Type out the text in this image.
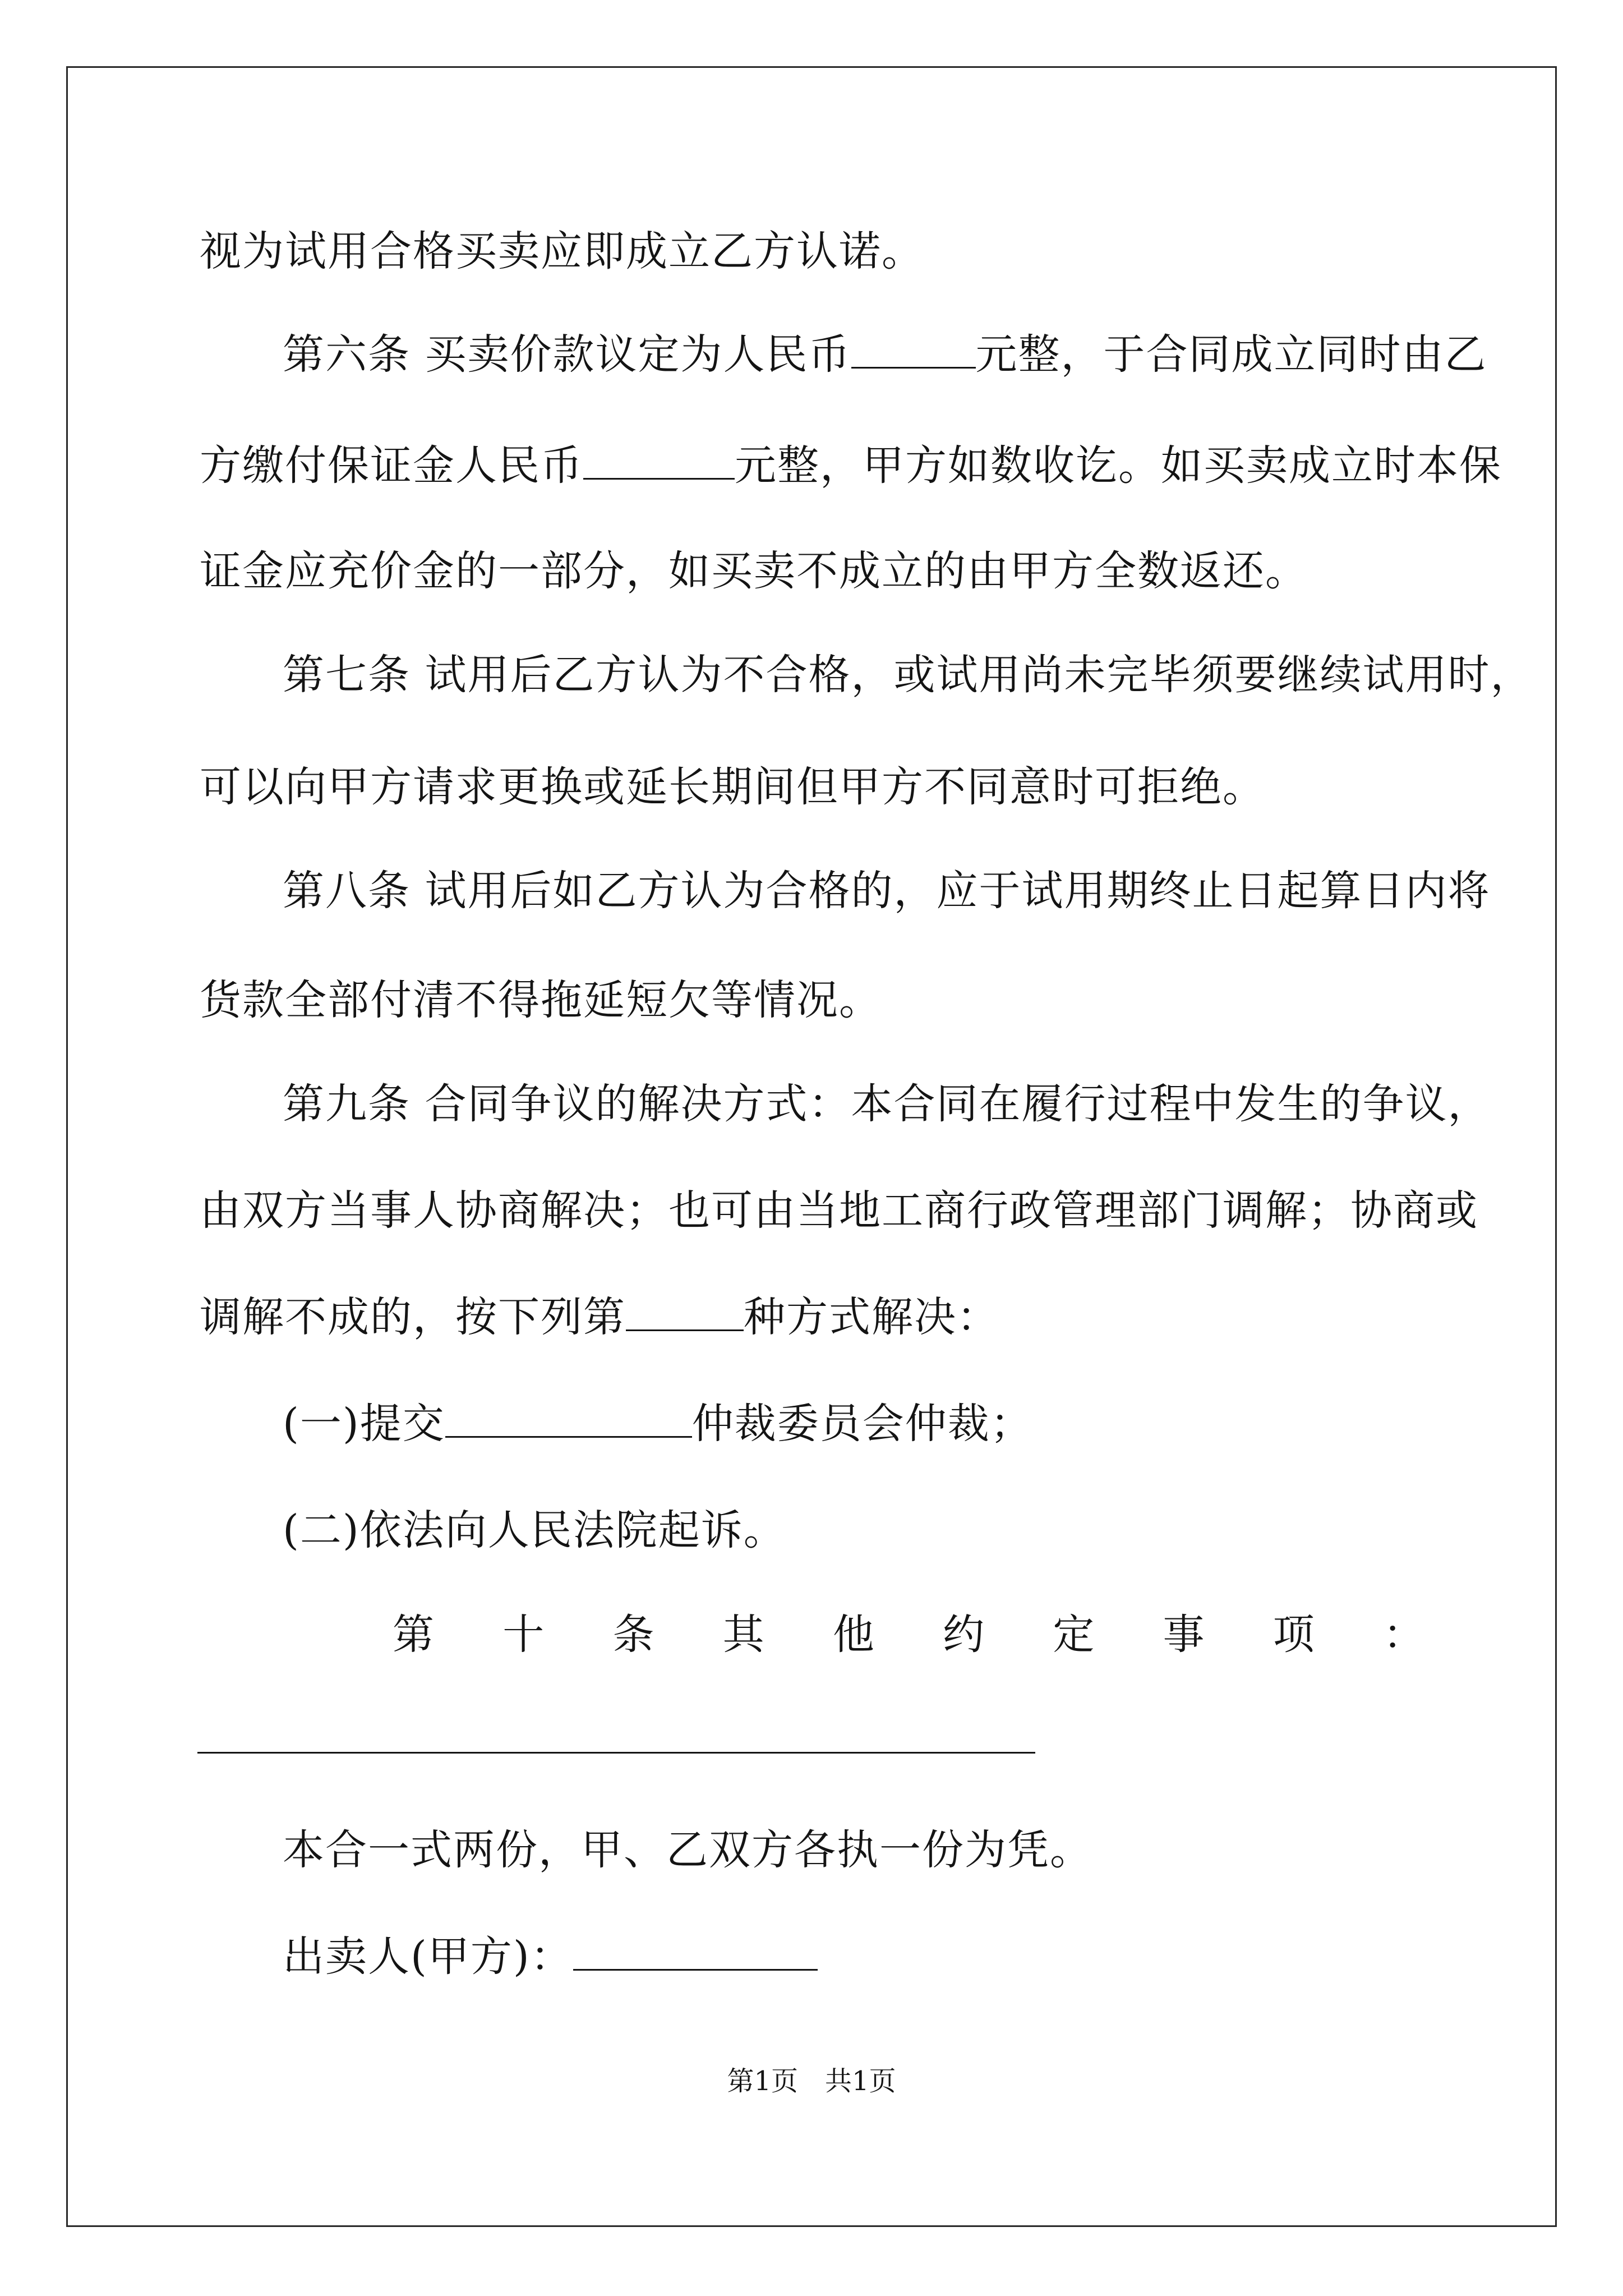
视为试用合格买卖应即成立乙方认诺。
第六条 买卖价款议定为人民币	元整，于合同成立同时由乙
方缴付保证金人民币	元整，甲方如数收讫。如买卖成立时本保
证金应充价金的一部分，如买卖不成立的由甲方全数返还。
第七条 试用后乙方认为不合格，或试用尚未完毕须要继续试用时，
可以向甲方请求更换或延长期间但甲方不同意时可拒绝。
第八条 试用后如乙方认为合格的，应于试用期终止日起算日内将
货款全部付清不得拖延短欠等情况。
第九条 合同争议的解决方式：本合同在履行过程中发生的争议，
由双方当事人协商解决；也可由当地工商行政管理部门调解；协商或
调解不成的，按下列第	种方式解决：
(一)提交	仲裁委员会仲裁；
(二)依法向人民法院起诉。
第 十 条 其 他 约 定 事 项 ：
本合一式两份，甲、乙双方各执一份为凭。
出卖人(甲方)：
第1页　共1页
